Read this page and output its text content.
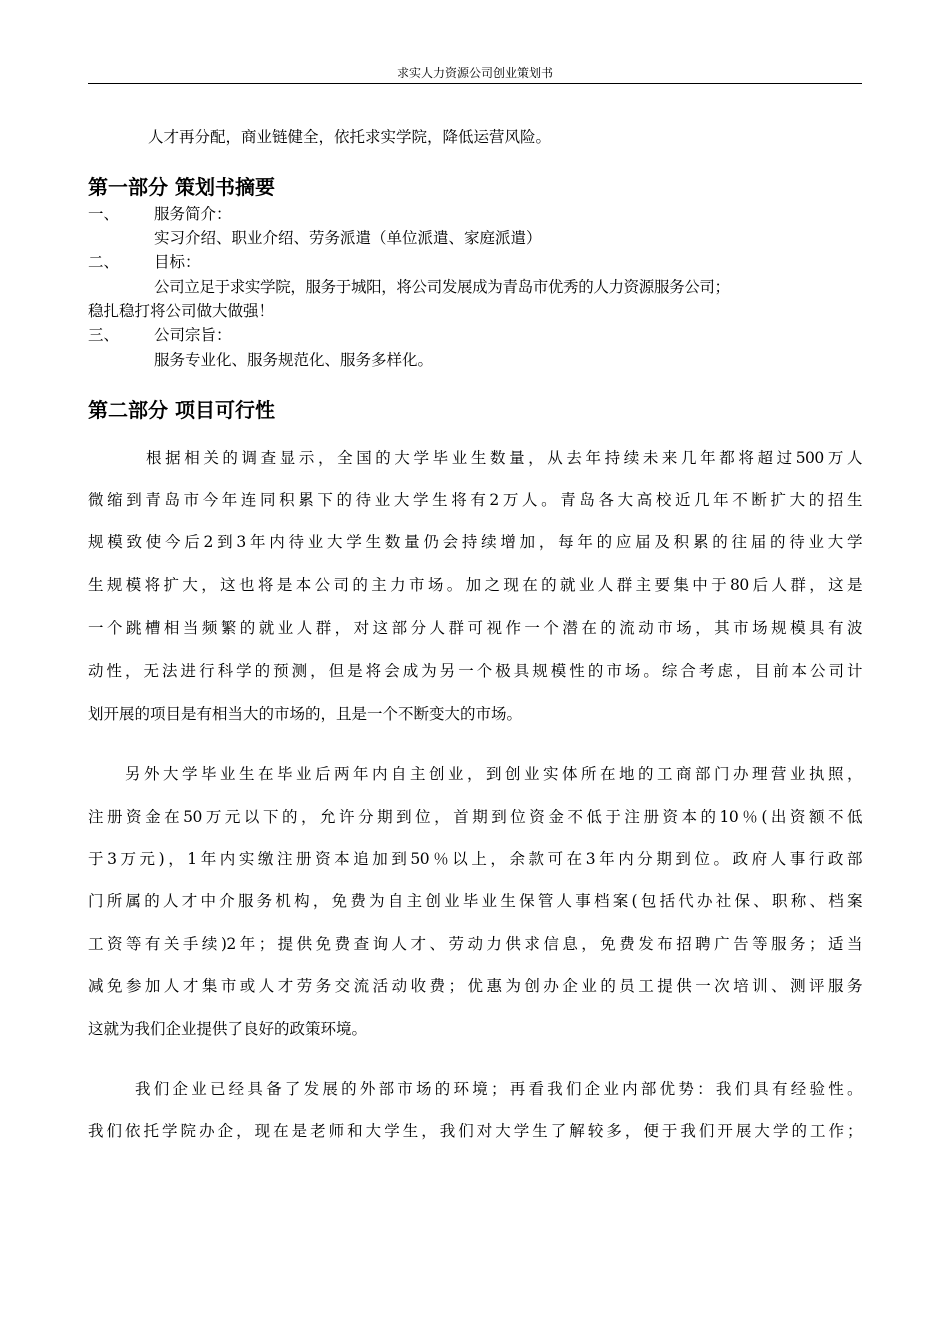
求实人力资源公司创业策划书
人才再分配，商业链健全，依托求实学院，降低运营风险。
第一部分 策划书摘要
一、 服务简介：
实习介绍、职业介绍、劳务派遣（单位派遣、家庭派遣）
二、 目标：
公司立足于求实学院，服务于城阳，将公司发展成为青岛市优秀的人力资源服务公司；
稳扎稳打将公司做大做强！
三、 公司宗旨：
服务专业化、服务规范化、服务多样化。
第二部分 项目可行性
根据相关的调查显示，全国的大学毕业生数量，从去年持续未来几年都将超过500万人
微缩到青岛市今年连同积累下的待业大学生将有2万人。青岛各大高校近几年不断扩大的招生
规模致使今后2到3年内待业大学生数量仍会持续增加，每年的应届及积累的往届的待业大学
生规模将扩大，这也将是本公司的主力市场。加之现在的就业人群主要集中于80后人群，这是
一个跳槽相当频繁的就业人群，对这部分人群可视作一个潜在的流动市场，其市场规模具有波
动性，无法进行科学的预测，但是将会成为另一个极具规模性的市场。综合考虑，目前本公司计
划开展的项目是有相当大的市场的，且是一个不断变大的市场。
另外大学毕业生在毕业后两年内自主创业，到创业实体所在地的工商部门办理营业执照，
注册资金在50万元以下的，允许分期到位，首期到位资金不低于注册资本的10％(出资额不低
于3万元)，1年内实缴注册资本追加到50％以上，余款可在3年内分期到位。政府人事行政部
门所属的人才中介服务机构，免费为自主创业毕业生保管人事档案(包括代办社保、职称、档案
工资等有关手续)2年；提供免费查询人才、劳动力供求信息，免费发布招聘广告等服务；适当
减免参加人才集市或人才劳务交流活动收费；优惠为创办企业的员工提供一次培训、测评服务
这就为我们企业提供了良好的政策环境。
我们企业已经具备了发展的外部市场的环境；再看我们企业内部优势：我们具有经验性。
我们依托学院办企，现在是老师和大学生，我们对大学生了解较多，便于我们开展大学的工作；
